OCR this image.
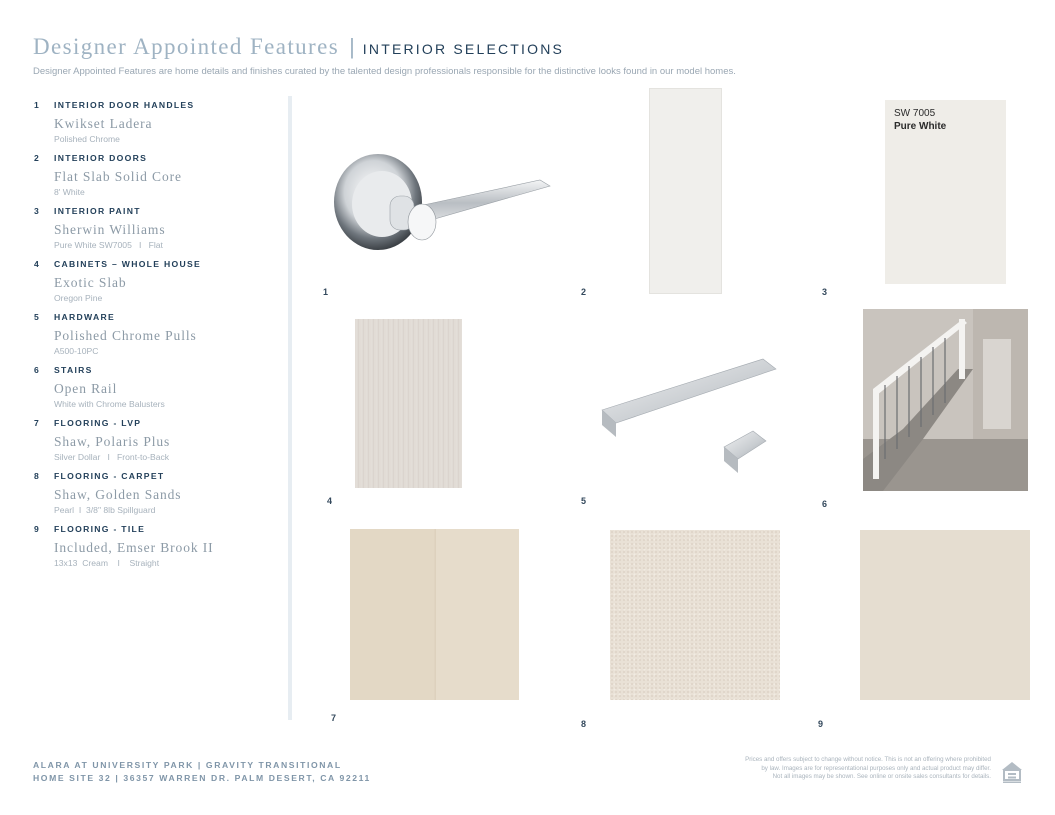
Designer Appointed Features | INTERIOR SELECTIONS
Designer Appointed Features are home details and finishes curated by the talented design professionals responsible for the distinctive looks found in our model homes.
1	INTERIOR DOOR HANDLES
Kwikset Ladera
Polished Chrome
2	INTERIOR DOORS
Flat Slab Solid Core
8' White
3	INTERIOR PAINT
Sherwin Williams
Pure White SW7005   I   Flat
4	CABINETS – WHOLE HOUSE
Exotic Slab
Oregon Pine
5	HARDWARE
Polished Chrome Pulls
A500-10PC
6	STAIRS
Open Rail
White with Chrome Balusters
7	FLOORING - LVP
Shaw, Polaris Plus
Silver Dollar   I   Front-to-Back
8	FLOORING - CARPET
Shaw, Golden Sands
Pearl  I  3/8" 8lb Spillguard
9	FLOORING - TILE
Included, Emser Brook II
13x13  Cream    I    Straight
SW 7005
Pure White
1	2	3
4	5	6
7
8	9
ALARA AT UNIVERSITY PARK | GRAVITY TRANSITIONAL
HOME SITE 32 | 36357 WARREN DR. PALM DESERT, CA 92211
Prices and offers subject to change without notice. This is not an offering where prohibited
by law. Images are for representational purposes only and actual product may differ.
Not all images may be shown. See online or onsite sales consultants for details.
